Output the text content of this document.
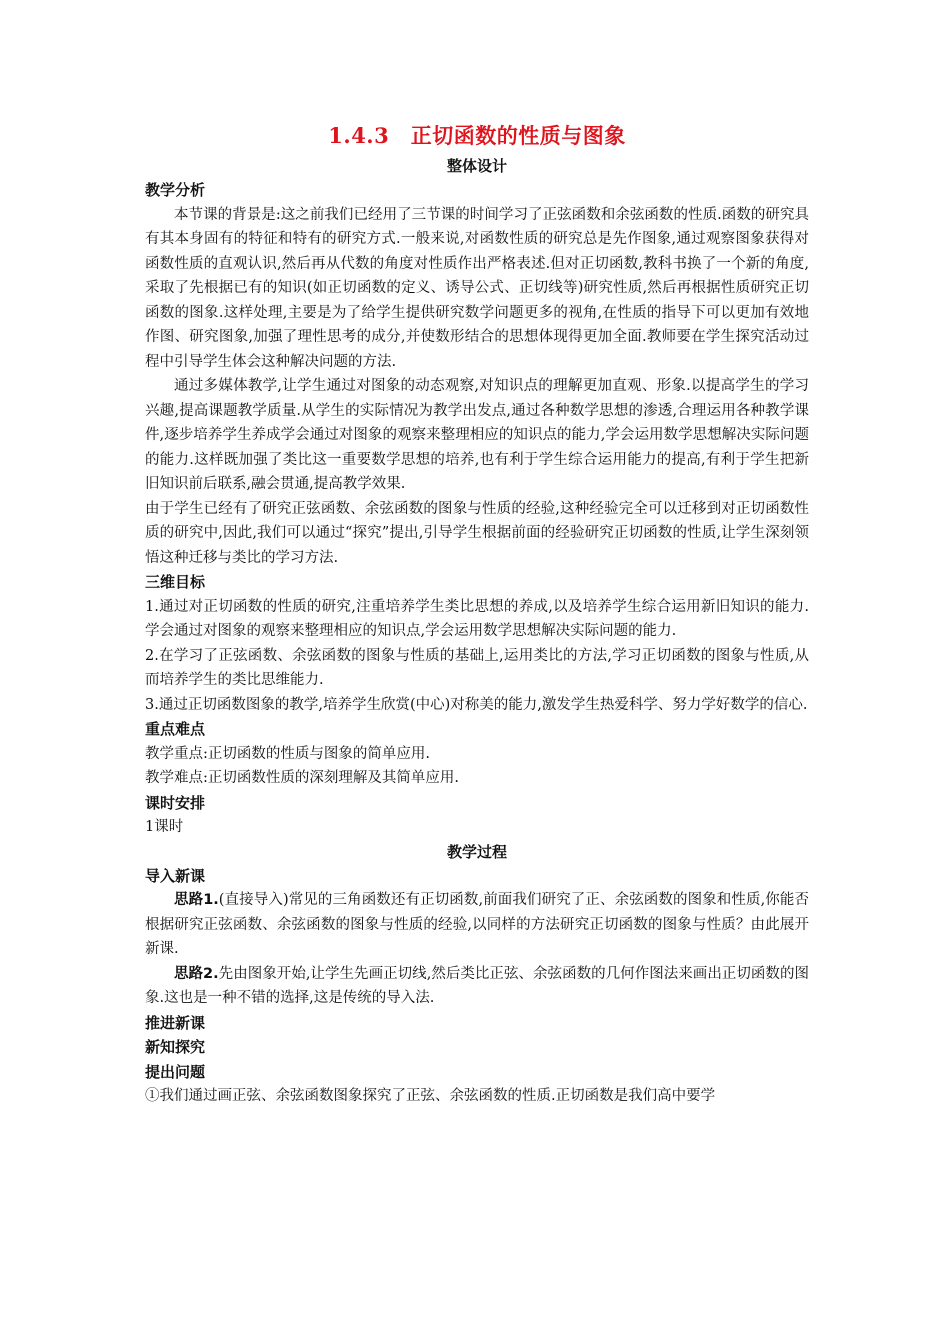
1.4.3　正切函数的性质与图象

整体设计

教学分析

本节课的背景是:这之前我们已经用了三节课的时间学习了正弦函数和余弦函数的性质.函数的研究具有其本身固有的特征和特有的研究方式.一般来说,对函数性质的研究总是先作图象,通过观察图象获得对函数性质的直观认识,然后再从代数的角度对性质作出严格表述.但对正切函数,教科书换了一个新的角度,采取了先根据已有的知识(如正切函数的定义、诱导公式、正切线等)研究性质,然后再根据性质研究正切函数的图象.这样处理,主要是为了给学生提供研究数学问题更多的视角,在性质的指导下可以更加有效地作图、研究图象,加强了理性思考的成分,并使数形结合的思想体现得更加全面.教师要在学生探究活动过程中引导学生体会这种解决问题的方法.

通过多媒体教学,让学生通过对图象的动态观察,对知识点的理解更加直观、形象.以提高学生的学习兴趣,提高课题教学质量.从学生的实际情况为教学出发点,通过各种数学思想的渗透,合理运用各种教学课件,逐步培养学生养成学会通过对图象的观察来整理相应的知识点的能力,学会运用数学思想解决实际问题的能力.这样既加强了类比这一重要数学思想的培养,也有利于学生综合运用能力的提高,有利于学生把新旧知识前后联系,融会贯通,提高教学效果.

由于学生已经有了研究正弦函数、余弦函数的图象与性质的经验,这种经验完全可以迁移到对正切函数性质的研究中,因此,我们可以通过“探究”提出,引导学生根据前面的经验研究正切函数的性质,让学生深刻领悟这种迁移与类比的学习方法.

三维目标

1.通过对正切函数的性质的研究,注重培养学生类比思想的养成,以及培养学生综合运用新旧知识的能力.学会通过对图象的观察来整理相应的知识点,学会运用数学思想解决实际问题的能力.

2.在学习了正弦函数、余弦函数的图象与性质的基础上,运用类比的方法,学习正切函数的图象与性质,从而培养学生的类比思维能力.

3.通过正切函数图象的教学,培养学生欣赏(中心)对称美的能力,激发学生热爱科学、努力学好数学的信心.

重点难点

教学重点:正切函数的性质与图象的简单应用.

教学难点:正切函数性质的深刻理解及其简单应用.

课时安排

1课时

教学过程

导入新课

思路1.(直接导入)常见的三角函数还有正切函数,前面我们研究了正、余弦函数的图象和性质,你能否根据研究正弦函数、余弦函数的图象与性质的经验,以同样的方法研究正切函数的图象与性质？由此展开新课.

思路2.先由图象开始,让学生先画正切线,然后类比正弦、余弦函数的几何作图法来画出正切函数的图象.这也是一种不错的选择,这是传统的导入法.

推进新课

新知探究

提出问题

①我们通过画正弦、余弦函数图象探究了正弦、余弦函数的性质.正切函数是我们高中要学
